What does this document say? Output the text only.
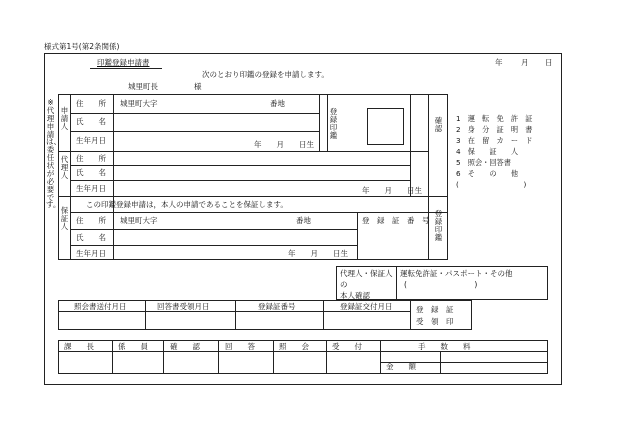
様式第1号(第2条関係)
印鑑登録申請書	年 月 日
次のとおり印鑑の登録を申請します。
城里町長	様
※代理申請は、委任状が必要です。
申請人
住　　所 城里町大字	番地
氏　　名
生年月日	年　　月　　日生
登録印鑑
確認
1　運　転　免　許　証
2　身　分　証　明　書
3　在　留　カ　ー　ド
4　保　　証　　人
5　照会・回答書
6　そ　　の　　他
(　　　　　　　　　)
代理人
住　　所
氏　　名
生年月日	年　　月　　日生
この印鑑登録申請は，本人の申請であることを保証します。
保証人
住　　所 城里町大字	番地	登　録　証　番　号
氏　　名
生年月日	年　　月　　日生
登録印鑑
代理人・保証人
の
本人確認
運転免許証・パスポート・その他
(　　　　　　　　　)
照会書送付月日	回答書受領月日	登録証番号	登録証交付月日	登　録　証
受　領　印
課　　長	係　　員	確　　認	回　　答	照　　会	受　　付	手　　数　　料
金　　額
